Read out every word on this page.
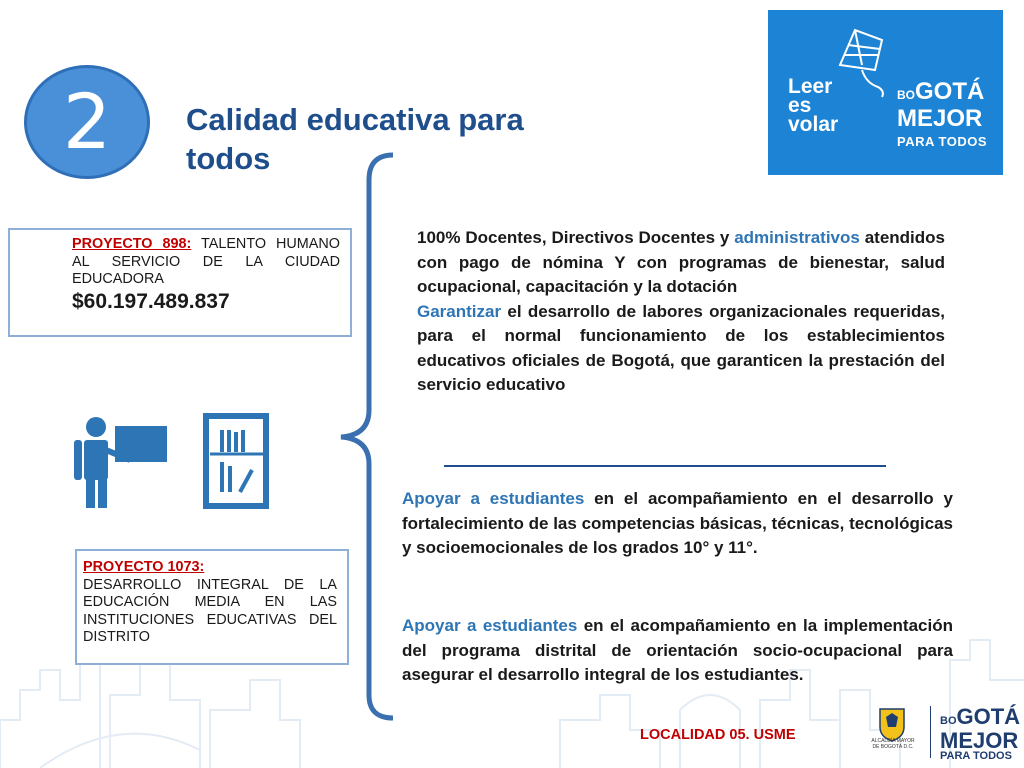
2	Calidad educativa para todos
Leer
es
volar
BOGOTÁ
MEJOR
PARA TODOS
PROYECTO 898: TALENTO HUMANO AL SERVICIO DE LA CIUDAD EDUCADORA
$60.197.489.837
PROYECTO 1073:
DESARROLLO INTEGRAL DE LA EDUCACIÓN MEDIA EN LAS INSTITUCIONES EDUCATIVAS DEL DISTRITO
100% Docentes, Directivos Docentes y administrativos atendidos con pago de nómina Y con programas de bienestar, salud ocupacional, capacitación y la dotación
Garantizar el desarrollo de labores organizacionales requeridas, para el normal funcionamiento de los establecimientos educativos oficiales de Bogotá, que garanticen la prestación del servicio educativo
Apoyar a estudiantes en el acompañamiento en el desarrollo y fortalecimiento de las competencias básicas, técnicas, tecnológicas y socioemocionales de los grados 10° y 11°.
Apoyar a estudiantes en el acompañamiento en la implementación del programa distrital de orientación socio-ocupacional para asegurar el desarrollo integral de los estudiantes.
LOCALIDAD 05. USME	ALCALDÍA MAYOR
DE BOGOTÁ D.C.
BOGOTÁ
MEJOR
PARA TODOS
